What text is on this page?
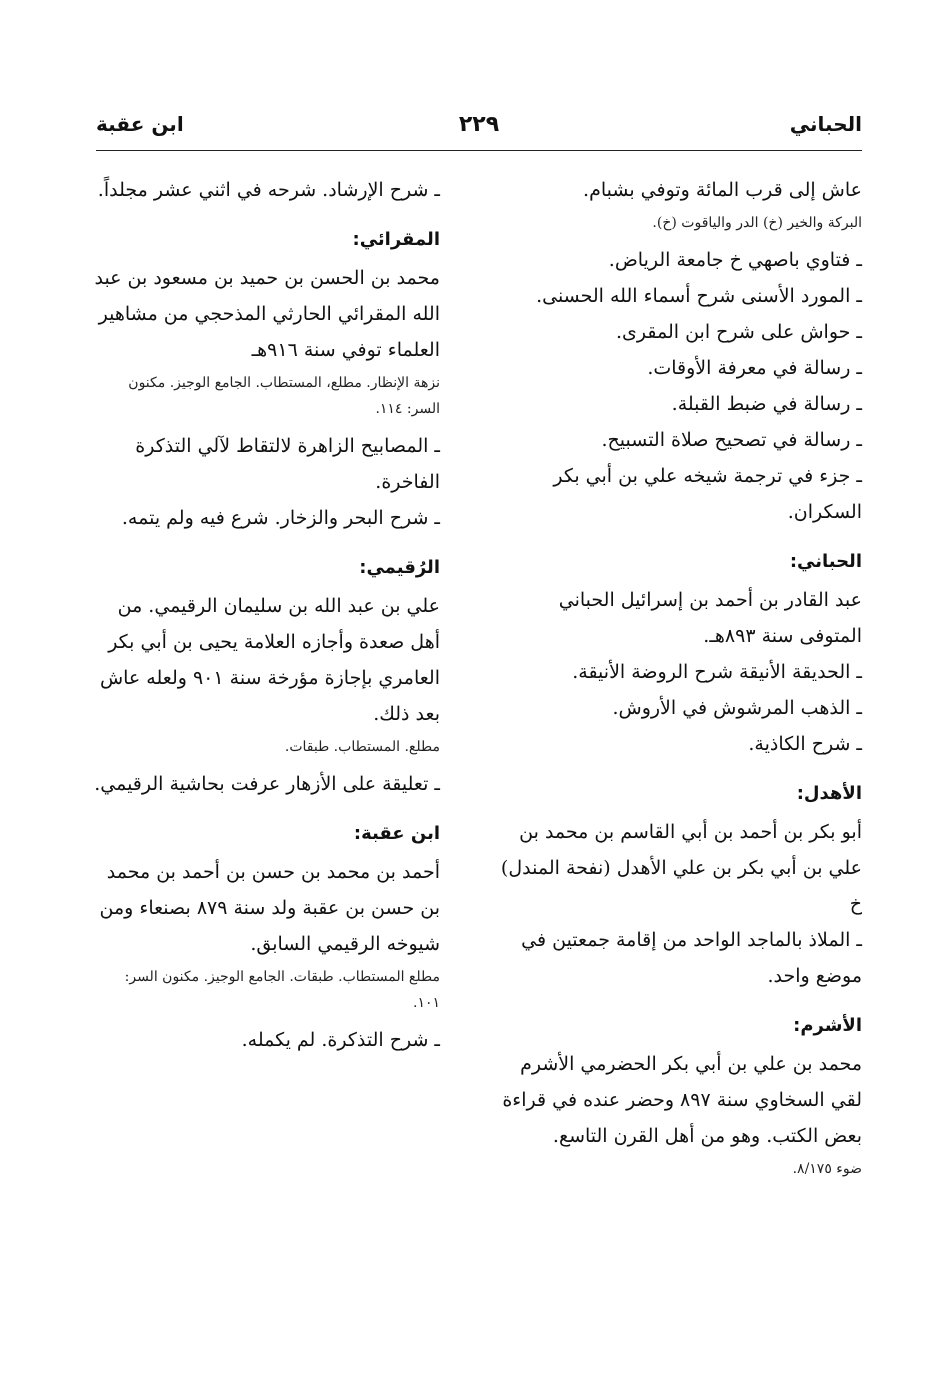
الحباني
٢٢٩
ابن عقبة

عاش إلى قرب المائة وتوفي بشبام.

البركة والخير (خ) الدر والياقوت (خ).

ـ فتاوي باصهي خ جامعة الرياض.

ـ المورد الأسنى شرح أسماء الله الحسنى.

ـ حواش على شرح ابن المقرى.

ـ رسالة في معرفة الأوقات.

ـ رسالة في ضبط القبلة.

ـ رسالة في تصحيح صلاة التسبيح.

ـ جزء في ترجمة شيخه علي بن أبي بكر السكران.

الحباني:

عبد القادر بن أحمد بن إسرائيل الحباني المتوفى سنة ٨٩٣هـ.

ـ الحديقة الأنيقة شرح الروضة الأنيقة.

ـ الذهب المرشوش في الأروش.

ـ شرح الكاذية.

الأهدل:

أبو بكر بن أحمد بن أبي القاسم بن محمد بن علي بن أبي بكر بن علي الأهدل (نفحة المندل) خ

ـ الملاذ بالماجد الواحد من إقامة جمعتين في موضع واحد.

الأشرم:

محمد بن علي بن أبي بكر الحضرمي الأشرم لقي السخاوي سنة ٨٩٧ وحضر عنده في قراءة بعض الكتب. وهو من أهل القرن التاسع.

ضوء ٨/١٧٥.

ـ شرح الإرشاد. شرحه في اثني عشر مجلداً.

المقرائي:

محمد بن الحسن بن حميد بن مسعود بن عبد الله المقرائي الحارثي المذحجي من مشاهير العلماء توفي سنة ٩١٦هـ

نزهة الإنظار. مطلع، المستطاب. الجامع الوجيز. مكنون السر: ١١٤.

ـ المصابيح الزاهرة لالتقاط لآلي التذكرة الفاخرة.

ـ شرح البحر والزخار. شرع فيه ولم يتمه.

الرُقيمي:

علي بن عبد الله بن سليمان الرقيمي. من أهل صعدة وأجازه العلامة يحيى بن أبي بكر العامري بإجازة مؤرخة سنة ٩٠١ ولعله عاش بعد ذلك.

مطلع. المستطاب. طبقات.

ـ تعليقة على الأزهار عرفت بحاشية الرقيمي.

ابن عقبة:

أحمد بن محمد بن حسن بن أحمد بن محمد بن حسن بن عقبة ولد سنة ٨٧٩ بصنعاء ومن شيوخه الرقيمي السابق.

مطلع المستطاب. طبقات. الجامع الوجيز. مكنون السر: ١٠١.

ـ شرح التذكرة. لم يكمله.
